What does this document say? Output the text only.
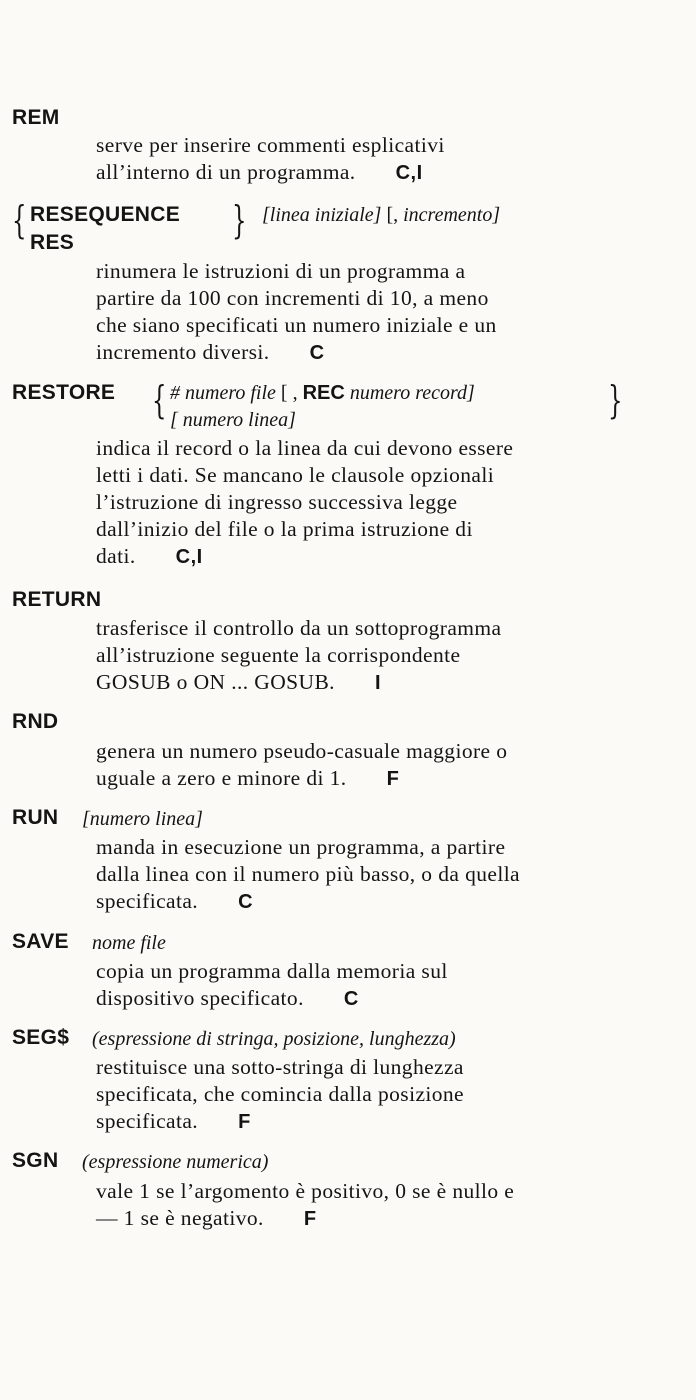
REM
serve per inserire commenti esplicativi
all’interno di un programma. C,I
{ RESEQUENCE
RES
} [linea iniziale] [, incremento]
rinumera le istruzioni di un programma a
partire da 100 con incrementi di 10, a meno
che siano specificati un numero iniziale e un
incremento diversi. C
RESTORE { # numero file [ , REC numero record]
[ numero linea]	}
indica il record o la linea da cui devono essere
letti i dati. Se mancano le clausole opzionali
l’istruzione di ingresso successiva legge
dall’inizio del file o la prima istruzione di
dati. C,I
RETURN
trasferisce il controllo da un sottoprogramma
all’istruzione seguente la corrispondente
GOSUB o ON ... GOSUB. I
RND
genera un numero pseudo-casuale maggiore o
uguale a zero e minore di 1. F
RUN [numero linea]
manda in esecuzione un programma, a partire
dalla linea con il numero più basso, o da quella
specificata. C
SAVE nome file
copia un programma dalla memoria sul
dispositivo specificato. C
SEG$ (espressione di stringa, posizione, lunghezza)
restituisce una sotto-stringa di lunghezza
specificata, che comincia dalla posizione
specificata. F
SGN (espressione numerica)
vale 1 se l’argomento è positivo, 0 se è nullo e
— 1 se è negativo. F
